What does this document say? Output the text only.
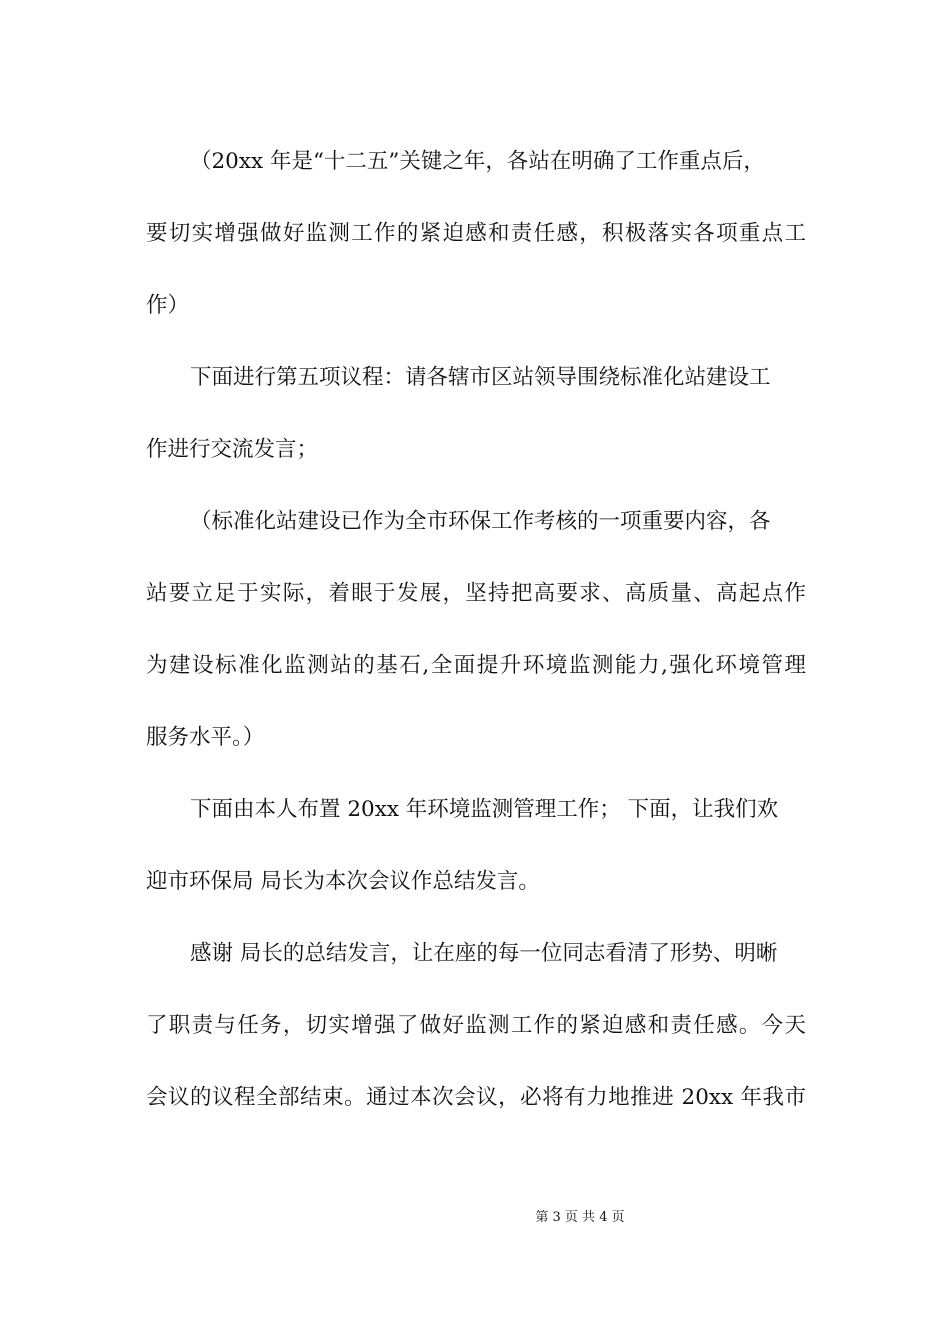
（20xx 年是“十二五”关键之年，各站在明确了工作重点后，
要切实增强做好监测工作的紧迫感和责任感，积极落实各项重点工
作）
下面进行第五项议程：请各辖市区站领导围绕标准化站建设工
作进行交流发言；
（标准化站建设已作为全市环保工作考核的一项重要内容，各
站要立足于实际，着眼于发展，坚持把高要求、高质量、高起点作
为建设标准化监测站的基石,全面提升环境监测能力,强化环境管理
服务水平。）
下面由本人布置 20xx 年环境监测管理工作； 下面，让我们欢
迎市环保局 局长为本次会议作总结发言。
感谢 局长的总结发言，让在座的每一位同志看清了形势、明晰
了职责与任务，切实增强了做好监测工作的紧迫感和责任感。今天
会议的议程全部结束。通过本次会议，必将有力地推进 20xx 年我市
第 3 页 共 4 页
